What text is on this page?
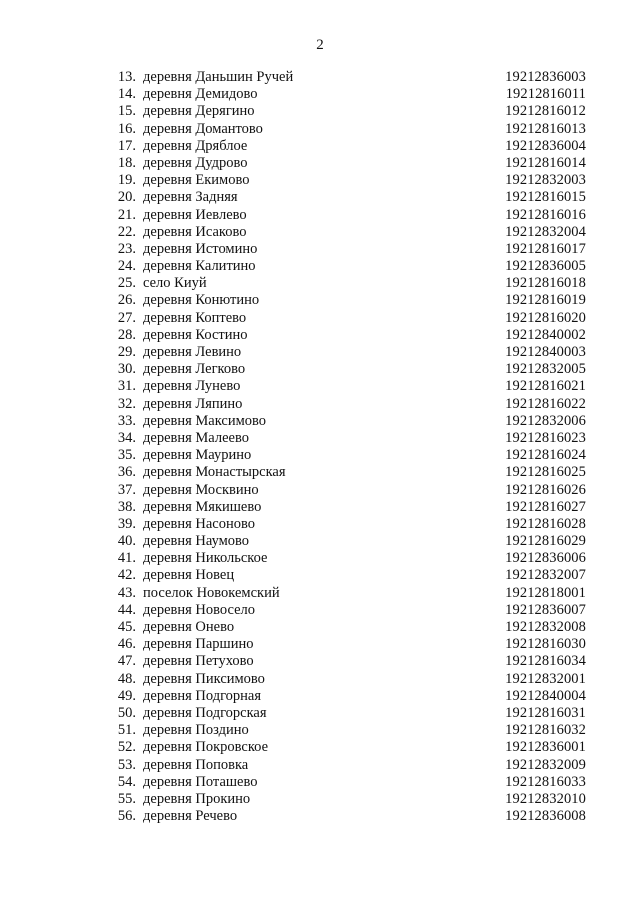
2
13. деревня Даньшин Ручей	19212836003
14. деревня Демидово	19212816011
15. деревня Дерягино	19212816012
16. деревня Домантово	19212816013
17. деревня Дряблое	19212836004
18. деревня Дудрово	19212816014
19. деревня Екимово	19212832003
20. деревня Задняя	19212816015
21. деревня Иевлево	19212816016
22. деревня Исаково	19212832004
23. деревня Истомино	19212816017
24. деревня Калитино	19212836005
25. село Киуй	19212816018
26. деревня Конютино	19212816019
27. деревня Коптево	19212816020
28. деревня Костино	19212840002
29. деревня Левино	19212840003
30. деревня Легково	19212832005
31. деревня Лунево	19212816021
32. деревня Ляпино	19212816022
33. деревня Максимово	19212832006
34. деревня Малеево	19212816023
35. деревня Маурино	19212816024
36. деревня Монастырская	19212816025
37. деревня Москвино	19212816026
38. деревня Мякишево	19212816027
39. деревня Насоново	19212816028
40. деревня Наумово	19212816029
41. деревня Никольское	19212836006
42. деревня Новец	19212832007
43. поселок Новокемский	19212818001
44. деревня Новосело	19212836007
45. деревня Онево	19212832008
46. деревня Паршино	19212816030
47. деревня Петухово	19212816034
48. деревня Пиксимово	19212832001
49. деревня Подгорная	19212840004
50. деревня Подгорская	19212816031
51. деревня Поздино	19212816032
52. деревня Покровское	19212836001
53. деревня Поповка	19212832009
54. деревня Поташево	19212816033
55. деревня Прокино	19212832010
56. деревня Речево	19212836008
